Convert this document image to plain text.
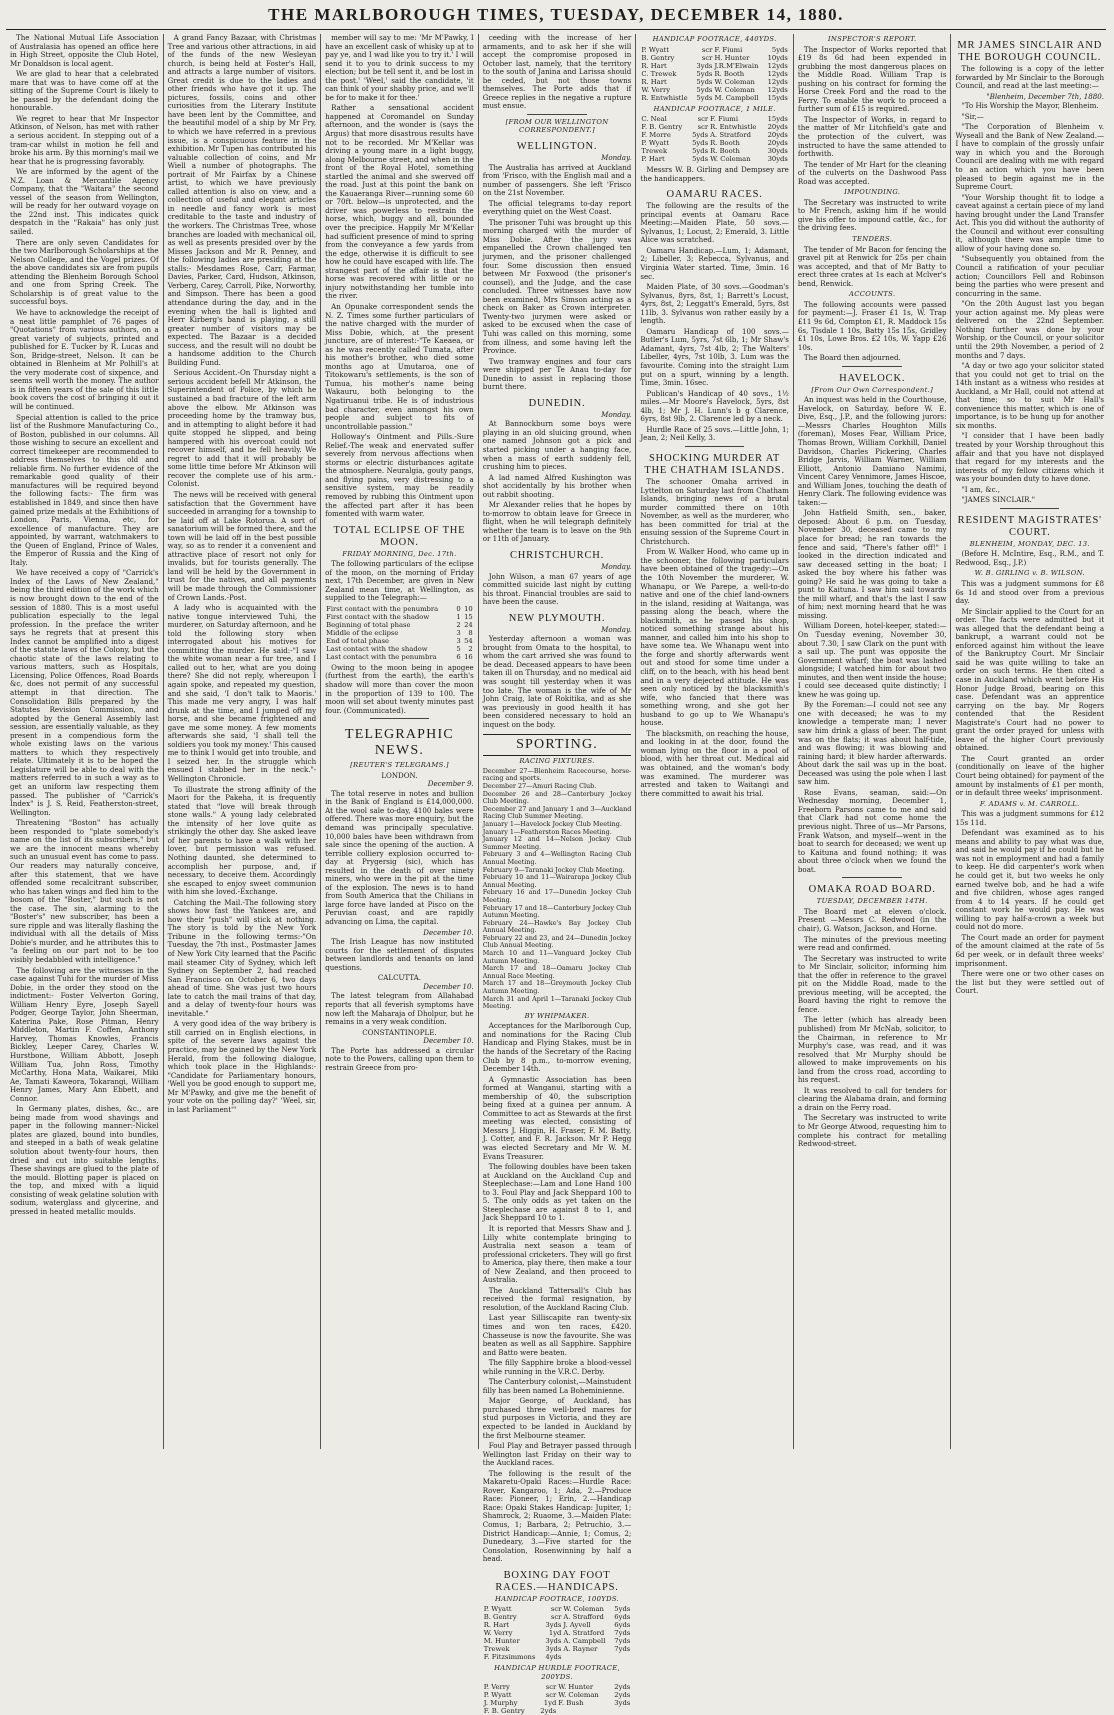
THE MARLBOROUGH TIMES, TUESDAY, DECEMBER 14, 1880.

The National Mutual Life Association of Australasia has opened an office here in High Street, opposite the Club Hotel, Mr Donaldson is local agent.

We are glad to hear that a celebrated mare that was to have come off at the sitting of the Supreme Court is likely to be passed by the defendant doing the honourable.

We regret to hear that Mr Inspector Atkinson, of Nelson, has met with rather a serious accident. In stepping out of a tram-car whilst in motion he fell and broke his arm. By this morning's mail we hear that he is progressing favorably.

We are informed by the agent of the N.Z. Loan & Mercantile Agency Company, that the "Waitara" the second vessel of the season from Wellington, will be ready for her outward voyage on the 22nd inst. This indicates quick despatch in the "Rakaia" has only just sailed.

There are only seven Candidates for the two Marlborough Scholarships at the Nelson College, and the Vogel prizes. Of the above candidates six are from pupils attending the Blenheim Borough School and one from Spring Creek. The Scholarship is of great value to the successful boys.

We have to acknowledge the receipt of a neat little pamphlet of 76 pages of "Quotations" from various authors, on a great variety of subjects, printed and published for E. Tucker by R. Lucas and Son, Bridge-street, Nelson. It can be obtained in Blenheim at Mr Polhill's at the very moderate cost of sixpence, and seems well worth the money. The author is in fifteen years of the sale of this little book covers the cost of bringing it out it will be continued.

Special attention is called to the price list of the Rushmore Manufacturing Co., of Boston, published in our columns. All those wishing to secure an excellent and correct timekeeper are recommended to address themselves to this old and reliable firm. No further evidence of the remarkable good quality of their manufactures will be required beyond the following facts:- The firm was established in 1849, and since then have gained prize medals at the Exhibitions of London, Paris, Vienna, etc, for excellence of manufacture. They are appointed, by warrant, watchmakers to the Queen of England, Prince of Wales, the Emperor of Russia and the King of Italy.

We have received a copy of "Carrick's Index of the Laws of New Zealand," being the third edition of the work which is now brought down to the end of the session of 1880. This is a most useful publication especially to the legal profession. In the preface the writer says he regrets that at present this Index cannot be amplified into a digest of the statute laws of the Colony, but the chaotic state of the laws relating to various matters, such as Hospitals, Licensing, Police Offences, Road Boards &c, does not permit of any successful attempt in that direction. The Consolidation Bills prepared by the Statutes Revision Commission, and adopted by the General Assembly last session, are essentially valuable, as they present in a compendious form the whole existing laws on the various matters to which they respectively relate. Ultimately it is to be hoped the Legislature will be able to deal with the matters referred to in such a way as to get an uniform law respecting them passed. The publisher of "Carrick's Index" is J. S. Reid, Featherston-street, Wellington.

Threatening "Boston" has actually been responded to "plate somebody's name on the list of its subscribers," but we are the innocent means whereby such an unusual event has come to pass. Our readers may naturally conceive, after this statement, that we have offended some recalcitrant subscriber, who has taken wings and fled him to the bosom of the "Boster," but such is not the case. The sin, alarming to the "Boster's" new subscriber, has been a sure ripple and was literally flashing the individual with all the details of Miss Dobie's murder, and he attributes this to "a feeling on our part not to be too visibly bedabbled with intelligence."

The following are the witnesses in the case against Tuhi for the murder of Miss Dobie, in the order they stood on the indictment:- Foster Velverton Goring, William Henry Eyre, Joseph Sayell Podger, George Taylor, John Sheerman, Katerina Pake, Rose Pitman, Henry Middleton, Martin F. Coffen, Anthony Harvey, Thomas Knowles, Francis Bickley, Leeper Carey, Charles W. Hurstbone, William Abbott, Joseph William Tua, John Ross, Timothy McCarthy, Hona Mata, Waikarei, Miki Ae, Tamati Kaweora, Tokarangi, William Henry James, Mary Ann Ebbett, and Connor.

In Germany plates, dishes, &c., are being made from wood shavings and paper in the following manner:-Nickel plates are glazed, bound into bundles, and steeped in a bath of weak gelatine solution about twenty-four hours, then dried and cut into suitable lengths. These shavings are glued to the plate of the mould. Blotting paper is placed on the top, and mixed with a liquid consisting of weak gelatine solution with sodium, waterglass and glycerine, and pressed in heated metallic moulds.

A grand Fancy Bazaar, with Christmas Tree and various other attractions, in aid of the funds of the new Wesleyan church, is being held at Foster's Hall, and attracts a large number of visitors. Great credit is due to the ladies and other friends who have got it up. The pictures, fossils, coins and other curiosities from the Literary Institute have been lent by the Committee, and the beautiful model of a ship by Mr Fry, to which we have referred in a previous issue, is a conspicuous feature in the exhibition. Mr Tupen has contributed his valuable collection of coins, and Mr Wiell a number of photographs. The portrait of Mr Fairfax by a Chinese artist, to which we have previously called attention is also on view, and a collection of useful and elegant articles in needle and fancy work is most creditable to the taste and industry of the workers. The Christmas Tree, whose branches are loaded with mechanical oil, as well as presents presided over by the Misses Jackson and Mr R. Penney, and the following ladies are presiding at the stalls:- Mesdames Rose, Carr, Farmar, Davies, Parker, Card, Hudson, Atkinson, Verberg, Carey, Carroll, Pike, Norworthy, and Simpson. There has been a good attendance during the day, and in the evening when the hall is lighted and Herr Kirberg's band is playing, a still greater number of visitors may be expected. The Bazaar is a decided success, and the result will no doubt be a handsome addition to the Church Building Fund.

Serious Accident.-On Thursday night a serious accident befell Mr Atkinson, the Superintendent of Police, by which he sustained a bad fracture of the left arm above the elbow. Mr Atkinson was proceeding home by the tramway bus, and in attempting to alight before it had quite stopped he slipped, and being hampered with his overcoat could not recover himself, and he fell heavily. We regret to add that it will probably be some little time before Mr Atkinson will recover the complete use of his arm.-Colonist.

The news will be received with general satisfaction that the Government have succeeded in arranging for a township to be laid off at Lake Rotorua. A sort of sanatorium will be formed there, and the town will be laid off in the best possible way, so as to render it a convenient and attractive place of resort not only for invalids, but for tourists generally. The land will be held by the Government in trust for the natives, and all payments will be made through the Commissioner of Crown Lands.-Post.

A lady who is acquainted with the native tongue interviewed Tuhi, the murderer, on Saturday afternoon, and he told the following story when interrogated about his motives for committing the murder. He said:-"I saw the white woman near a fur tree, and I called out to her, what are you doing there? She did not reply, whereupon I again spoke, and repeated my question, and she said, 'I don't talk to Maoris.' This made me very angry, I was half drunk at the time, and I jumped off my horse, and she became frightened and gave me some money. A few moments afterwards she said, 'I shall tell the soldiers you took my money.' This caused me to think I would get into trouble, and I seized her. In the struggle which ensued I stabbed her in the neck."-Wellington Chronicle.

To illustrate the strong affinity of the Maori for the Pakeha, it is frequently stated that "love will break through stone walls." A young lady celebrated the intensity of her love quite as strikingly the other day. She asked leave of her parents to have a walk with her lover, but permission was refused. Nothing daunted, she determined to accomplish her purpose, and, if necessary, to deceive them. Accordingly she escaped to enjoy sweet communion with him she loved.-Exchange.

Catching the Mail.-The following story shows how fast the Yankees are, and how their "push" will stick at nothing. The story is told by the New York Tribune in the following terms:-"On Tuesday, the 7th inst., Postmaster James of New York City learned that the Pacific mail steamer City of Sydney, which left Sydney on September 2, had reached San Francisco on October 6, two days ahead of time. She was just two hours late to catch the mail trains of that day, and a delay of twenty-four hours was inevitable."

A very good idea of the way bribery is still carried on in English elections, in spite of the severe laws against the practice, may be gained by the New York Herald, from the following dialogue, which took place in the Highlands:-"Candidate for Parliamentary honours, 'Well you be good enough to support me, Mr M'Pawky, and give me the benefit of your vote on the polling day?' 'Weel, sir, in last Parliament'"

member will say to me: 'Mr M'Pawky, I have an excellent cask of whisky up at to pay ye, and I wad like you to try it.' I will send it to you to drink success to my election; but be tell sent it, and be lost in the post.' 'Weel,' said the candidate, 'it can think of your shabby price, and we'll be for to make it for thee.'

Rather a sensational accident happened at Coromandel on Sunday afternoon, and the wonder is (says the Argus) that more disastrous results have not to be recorded. Mr M'Kellar was driving a young mare in a light buggy, along Melbourne street, and when in the front of the Royal Hotel, something startled the animal and she swerved off the road. Just at this point the bank on the Kauaeranga River—running some 60 or 70ft. below—is unprotected, and the driver was powerless to restrain the horse, which, buggy and all, bounded over the precipice. Happily Mr M'Kellar had sufficient presence of mind to spring from the conveyance a few yards from the edge, otherwise it is difficult to see how he could have escaped with life. The strangest part of the affair is that the horse was recovered with little or no injury notwithstanding her tumble into the river.

An Opunake correspondent sends the N. Z. Times some further particulars of the native charged with the murder of Miss Dobie, which, at the present juncture, are of interest:-"Te Kaeaea, or as he was recently called Tumata, after his mother's brother, who died some months ago at Umutaroa, one of Titokowaru's settlements, is the son of Tumua, his mother's name being Wakauru, both belonging to the Ngatiruanui tribe. He is of industrious bad character, even amongst his own people and subject to fits of uncontrollable passion."

Holloway's Ointment and Pills.-Sure Relief.-The weak and enervated suffer severely from nervous affections when storms or electric disturbances agitate the atmosphere. Neuralgia, gouty pangs, and flying pains, very distressing to a sensitive system, may be readily removed by rubbing this Ointment upon the affected part after it has been fomented with warm water.

TOTAL ECLIPSE OF THE MOON.
FRIDAY MORNING, Dec. 17th.

The following particulars of the eclipse of the moon, on the morning of Friday next, 17th December, are given in New Zealand mean time, at Wellington, as supplied to the Telegraph:—

First contact with the penumbra	0	10
First contact with the shadow	1	15
Beginning of total phase	2	24
Middle of the eclipse	3	8
End of total phase	3	54
Last contact with the shadow	5	2
Last contact with the penumbra	6	16

Owing to the moon being in apogee (furthest from the earth), the earth's shadow will more than cover the moon in the proportion of 139 to 100. The moon will set about twenty minutes past four. (Communicated).

TELEGRAPHIC NEWS.
[REUTER'S TELEGRAMS.]
LONDON.
December 9.

The total reserve in notes and bullion in the Bank of England is £14,000,000. At the wool sale to-day, 4100 bales were offered. There was more enquiry, but the demand was principally speculative. 10,000 bales have been withdrawn from sale since the opening of the auction. A terrible colliery explosion occurred to-day at Prygersig (sic), which has resulted in the death of over ninety miners, who were in the pit at the time of the explosion. The news is to hand from South America that the Chilians in large force have landed at Pisco on the Peruvian coast, and are rapidly advancing on Lima, the capital.

December 10.

The Irish League has now instituted courts for the settlement of disputes between landlords and tenants on land questions.

CALCUTTA.
December 10.

The latest telegram from Allahabad reports that all feverish symptoms have now left the Maharaja of Dholpur, but he remains in a very weak condition.

CONSTANTINOPLE.
December 10.

The Porte has addressed a circular note to the Powers, calling upon them to restrain Greece from pro-

ceeding with the increase of her armaments, and to ask her if she will accept the compromise proposed in October last, namely, that the territory to the south of Janina and Larissa should be ceded, but not those towns themselves. The Porte adds that if Greece replies in the negative a rupture must ensue.

[FROM OUR WELLINGTON CORRESPONDENT.]
WELLINGTON.
Monday.

The Australia has arrived at Auckland from 'Frisco, with the English mail and a number of passengers. She left 'Frisco on the 21st November.

The official telegrams to-day report everything quiet on the West Coast.

The prisoner Tuhi was brought up this morning charged with the murder of Miss Dobie. After the jury was empanelled the Crown challenged ten jurymen, and the prisoner challenged four. Some discussion then ensued between Mr Foxwood (the prisoner's counsel), and the Judge, and the case concluded. Three witnesses have now been examined, Mrs Simson acting as a check on Baker as Crown interpreter. Twenty-two jurymen were asked or asked to be excused when the case of Tuhi was called on this morning, some from illness, and some having left the Province.

Two tramway engines and four cars were shipped per Te Anau to-day for Dunedin to assist in replacing those burnt there.

DUNEDIN.
Monday.

At Bannockburn some boys were playing in an old sluicing ground, when one named Johnson got a pick and started picking under a hanging face, when a mass of earth suddenly fell, crushing him to pieces.

A lad named Alfred Kushington was shot accidentally by his brother when out rabbit shooting.

Mr Alexander relies that he hopes by to-morrow to obtain leave for Greece in flight, when he will telegraph definitely whether the team is to leave on the 9th or 11th of January.

CHRISTCHURCH.
Monday.

John Wilson, a man 67 years of age committed suicide last night by cutting his throat. Financial troubles are said to have been the cause.

NEW PLYMOUTH.
Monday.

Yesterday afternoon a woman was brought from Omata to the hospital, to whom the cart arrived she was found to be dead. Deceased appears to have been taken ill on Thursday, and no medical aid was sought till yesterday when it was too late. The woman is the wife of Mr John Craig, late of Rokitika, and as she was previously in good health it has been considered necessary to hold an inquest on the body.

SPORTING.
RACING FIXTURES.

December 27—Blenheim Racecourse, horse-racing and sports.

December 27—Amuri Racing Club.

December 26 and 28—Canterbury Jockey Club Meeting.

December 27 and January 1 and 3—Auckland Racing Club Summer Meeting.

January 1—Havelock Jockey Club Meeting.

January 1—Featherston Races Meeting.

January 12 and 14—Nelson Jockey Club Summer Meeting.

February 3 and 4—Wellington Racing Club Annual Meeting.

February 9—Taranaki Jockey Club Meeting.

February 10 and 11—Wairarapa Jockey Club Annual Meeting.

February 16 and 17—Dunedin Jockey Club Meeting.

February 17 and 18—Canterbury Jockey Club Autumn Meeting.

February 24—Hawke's Bay Jockey Club Annual Meeting.

February 22 and 23, and 24—Dunedin Jockey Club Annual Meeting.

March 10 and 11—Vanguard Jockey Club Autumn Meeting.

March 17 and 18—Oamaru Jockey Club Annual Race Meeting.

March 17 and 18—Greymouth Jockey Club Autumn Meeting.

March 31 and April 1—Taranaki Jockey Club Meeting.

BY WHIPMAKER.

Acceptances for the Marlborough Cup, and nominations for the Racing Club Handicap and Flying Stakes, must be in the hands of the Secretary of the Racing Club by 8 p.m., to-morrow evening, December 14th.

A Gymnastic Association has been formed at Wanganui, starting with a membership of 40, the subscription being fixed at a guinea per annum. A Committee to act as Stewards at the first meeting was elected, consisting of Messrs J. Higgin, H. Fraser, F. M. Batty, J. Cotter, and F. R. Jackson. Mr P. Hegg was elected Secretary and Mr W. M. Evans Treasurer.

The following doubles have been taken at Auckland on the Auckland Cup and Steeplechase:—Lam and Lone Hand 100 to 3. Foul Play and Jack Sheppard 100 to 5. The only odds as yet taken on the Steeplechase are against 8 to 1, and Jack Sheppard 10 to 1.

It is reported that Messrs Shaw and J. Lilly white contemplate bringing to Australia next season a team of professional cricketers. They will go first to America, play there, then make a tour of New Zealand, and then proceed to Australia.

The Auckland Tattersall's Club has received the formal resignation, by resolution, of the Auckland Racing Club.

Last year Silliscapite ran twenty-six times and won ten races, £420. Chasseuse is now the favourite. She was beaten as well as all Sapphire. Sapphire and Batto were beaten.

The filly Sapphire broke a blood-vessel while running in the V.R.C. Derby.

The Canterbury colonist,—Mainstudent filly has been named La Boheminienne.

Major George, of Auckland, has purchased three well-bred mares for stud purposes in Victoria, and they are expected to be landed in Auckland by the first Melbourne steamer.

Foul Play and Betrayer passed through Wellington last Friday on their way to the Auckland races.

The following is the result of the Makaretu-Opaki Races:—Hurdle Race: Rover, Kangaroo, 1; Ada, 2.—Produce Race: Pioneer, 1; Erin, 2.—Handicap Race: Opaki Stakes Handicap: Jupiter, 1; Shamrock, 2; Ruaome, 3.—Maiden Plate: Comus, 1; Barbara, 2; Petruchio, 3.—District Handicap:—Annie, 1; Comus, 2; Dunedeary, 3.—Five started for the Consolation, Rosenwinning by half a head.

BOXING DAY FOOT RACES.—HANDICAPS.
HANDICAP FOOTRACE, 100YDS.
P. Wyatt	scr	W. Coleman	5yds
B. Gentry	scr	A. Strafford	6yds
R. Hart	3yds	J. Ayvell	6yds
W. Verry	1yd	A. Stratford	7yds
M. Hunter	3yds	A. Campbell	7yds
Trewek	3yds	A. Rayner	7yds
F. Fitzsimmons	4yds		
HANDICAP HURDLE FOOTRACE, 200YDS.
P. Verry	scr	W. Hunter	2yds
P. Wyatt	scr	W. Coleman	2yds
J. Murphy	1yd	F. Bush	3yds
F. B. Gentry	2yds		
HANDICAP FOOTRACE, 440YDS.
P. Wyatt	scr	F. Fiumi	5yds
B. Gentry	scr	H. Hunter	10yds
R. Hart	3yds	J.R.M'Elwain	12yds
C. Trewek	5yds	R. Booth	12yds
R. Hart	5yds	W. Coleman	12yds
W. Verry	5yds	W. Coleman	12yds
R. Entwhistle	5yds	M. Campbell	15yds
HANDICAP FOOTRACE, 1 MILE.
C. Neal	scr	F. Fiumi	15yds
F. B. Gentry	scr	R. Entwhistle	20yds
F. Morre	5yds	A. Stratford	20yds
P. Wyatt	5yds	R. Booth	20yds
Trewek	5yds	R. Booth	30yds
P. Hart	5yds	W. Coleman	30yds

Messrs W. B. Girling and Dempsey are the handicappers.

OAMARU RACES.

The following are the results of the principal events at Oamaru Race Meeting:—Maiden Plate, 50 sovs.—Sylvanus, 1; Locust, 2; Emerald, 3. Little Alice was scratched.

Oamaru Handicap.—Lum, 1; Adamant, 2; Libeller, 3; Rebecca, Sylvanus, and Virginia Water started. Time, 3min. 16 sec.

Maiden Plate, of 30 sovs.—Goodman's Sylvanus, 8yrs, 8st, 1; Barrett's Locust, 4yrs, 8st, 2; Leggatt's Emerald, 5yrs, 8st 11lb, 3. Sylvanus won rather easily by a length.

Oamaru Handicap of 100 sovs.—Butler's Lum, 5yrs, 7st 6lb, 1; Mr Shaw's Adamant, 4yrs, 7st 4lb, 2; The Walters' Libeller, 4yrs, 7st 10lb, 3. Lum was the favourite. Coming into the straight Lum put on a spurt, winning by a length. Time, 3min. 16sec.

Publican's Handicap of 40 sovs., 1½ miles.—Mr Moore's Havelock, 5yrs, 8st 4lb, 1; Mr J. H. Lunn's b g Clarence, 6yrs, 8st 9lb, 2. Clarence led by a neck.

Hurdle Race of 25 sovs.—Little John, 1; Jean, 2; Neil Kelly, 3.

SHOCKING MURDER AT THE CHATHAM ISLANDS.

The schooner Omaha arrived in Lyttelton on Saturday last from Chatham Islands, bringing news of a brutal murder committed there on 10th November, as well as the murderer, who has been committed for trial at the ensuing session of the Supreme Court in Christchurch.

From W. Walker Hood, who came up in the schooner, the following particulars have been obtained of the tragedy:—On the 10th November the murderer, W. Whanapu, or We Parepe, a well-to-do native and one of the chief land-owners in the island, residing at Waitanga, was passing along the beach, where the blacksmith, as he passed his shop, noticed something strange about his manner, and called him into his shop to have some tea. We Whanapu went into the forge and shortly afterwards went out and stood for some time under a cliff, on to the beach, with his head bent and in a very dejected attitude. He was seen only noticed by the blacksmith's wife, who fancied that there was something wrong, and she got her husband to go up to We Whanapu's house.

The blacksmith, on reaching the house, and looking in at the door, found the woman lying on the floor in a pool of blood, with her throat cut. Medical aid was obtained, and the woman's body was examined. The murderer was arrested and taken to Waitangi and there committed to await his trial.

INSPECTOR'S REPORT.

The Inspector of Works reported that £19 8s 6d had been expended in grubbing the most dangerous places on the Middle Road. William Trap is pushing on his contract for forming the Horse Creek Ford and the road to the Ferry. To enable the work to proceed a further sum of £15 is required.

The Inspector of Works, in regard to the matter of Mr Litchfield's gate and the protection of the culvert, was instructed to have the same attended to forthwith.

The tender of Mr Hart for the cleaning of the culverts on the Dashwood Pass Road was accepted.

IMPOUNDING.

The Secretary was instructed to write to Mr French, asking him if he would give his offer to impound cattle, &c., for the driving fees.

TENDERS.

The tender of Mr Bacon for fencing the gravel pit at Renwick for 25s per chain was accepted, and that of Mr Batty to erect three crates at 1s each at Mclver's bend, Renwick.

ACCOUNTS.

The following accounts were passed for payment:—J. Fraser £1 1s, W. Trap £11 9s 6d, Compton £1, R. Maddock 15s 6s, Tisdale 1 10s, Batty 15s 15s, Gridley £1 10s, Lowe Bros. £2 10s, W. Yapp £26 10s.

The Board then adjourned.

HAVELOCK.
[From Our Own Correspondent.]

An inquest was held in the Courthouse, Havelock, on Saturday, before W. E. Dive, Esq., J.P., and the following jurors:—Messrs Charles Houghton Mills (foreman), Moses Fear, William Price, Thomas Brown, William Corkhill, Daniel Davidson, Charles Pickering, Charles Bridge Jarvis, William Warner, William Elliott, Antonio Damiano Namimi, Vincent Carey Vennimore, James Hiscoe, and William Jones, touching the death of Henry Clark. The following evidence was taken:—

John Hatfield Smith, sen., baker, deposed: About 6 p.m. on Tuesday, November 30, deceased came to my place for bread; he ran towards the fence and said, "There's father off!" I looked in the direction indicated and saw deceased setting in the boat; I asked the boy where his father was going? He said he was going to take a punt to Kaituna. I saw him sail towards the mill wharf, and that's the last I saw of him; next morning heard that he was missing.

William Doreen, hotel-keeper, stated:—On Tuesday evening, November 30, about 7.30, I saw Clark on the punt with a sail up. The punt was opposite the Government wharf; the boat was lashed alongside; I watched him for about two minutes, and then went inside the house; I could see deceased quite distinctly; I knew he was going up.

By the Foreman:—I could not see any one with deceased; he was to my knowledge a temperate man; I never saw him drink a glass of beer. The punt was on the flats; it was about half-tide, and was flowing; it was blowing and raining hard; it blew harder afterwards. About dark the sail was up in the boat. Deceased was using the pole when I last saw him.

Rose Evans, seaman, said:—On Wednesday morning, December 1, Freeborn Parsons came to me and said that Clark had not come home the previous night. Three of us—Mr Parsons, Frank Watson, and myself—went in the boat to search for deceased; we went up to Kaituna and found nothing; it was about three o'clock when we found the boat.

OMAKA ROAD BOARD.
TUESDAY, DECEMBER 14TH.

The Board met at eleven o'clock. Present —Messrs C. Redwood (in the chair), G. Watson, Jackson, and Horne.

The minutes of the previous meeting were read and confirmed.

The Secretary was instructed to write to Mr Sinclair, solicitor, informing him that the offer in reference to the gravel pit on the Middle Road, made to the previous meeting, will be accepted, the Board having the right to remove the fence.

The letter (which has already been published) from Mr McNab, solicitor, to the Chairman, in reference to Mr Murphy's case, was read, and it was resolved that Mr Murphy should be allowed to make improvements on his land from the cross road, according to his request.

It was resolved to call for tenders for clearing the Alabama drain, and forming a drain on the Ferry road.

The Secretary was instructed to write to Mr George Atwood, requesting him to complete his contract for metalling Redwood-street.

MR JAMES SINCLAIR AND THE BOROUGH COUNCIL.

The following is a copy of the letter forwarded by Mr Sinclair to the Borough Council, and read at the last meeting:—

"Blenheim, December 7th, 1880.

"To His Worship the Mayor, Blenheim.

"Sir,—

"The Corporation of Blenheim v. Wyseall and the Bank of New Zealand.—I have to complain of the grossly unfair way in which you and the Borough Council are dealing with me with regard to an action which you have been pleased to begin against me in the Supreme Court.

"Your Worship thought fit to lodge a caveat against a certain piece of my land having brought under the Land Transfer Act. This you did without the authority of the Council and without ever consulting it, although there was ample time to allow of your having done so.

"Subsequently you obtained from the Council a ratification of your peculiar action; Councillors Fell and Robinson being the parties who were present and concurring in the same.

"On the 20th August last you began your action against me. My pleas were delivered on the 22nd September. Nothing further was done by your Worship, or the Council, or your solicitor until the 29th November, a period of 2 months and 7 days.

"A day or two ago your solicitor stated that you could not get to trial on the 14th instant as a witness who resides at Auckland, a Mr Hall, could not attend at that time; so to suit Mr Hall's convenience this matter, which is one of importance, is to be hung up for another six months.

"I consider that I have been badly treated by your Worship throughout this affair and that you have not displayed that regard for my interests and the interests of my fellow citizens which it was your bounden duty to have done.

"I am, &c.,

"JAMES SINCLAIR."

RESIDENT MAGISTRATES' COURT.
BLENHEIM, MONDAY, DEC. 13.

(Before H. McIntire, Esq., R.M., and T. Redwood, Esq., J.P.)

W. B. GIRLING v. B. WILSON.

This was a judgment summons for £8 6s 1d and stood over from a previous day.

Mr Sinclair applied to the Court for an order. The facts were admitted but it was alleged that the defendant being a bankrupt, a warrant could not be enforced against him without the leave of the Bankruptcy Court. Mr Sinclair said he was quite willing to take an order on such terms. He then cited a case in Auckland which went before His Honor Judge Broad, bearing on this case. Defendant was an apprentice carrying on the bay. Mr Rogers contended that the Resident Magistrate's Court had no power to grant the order prayed for unless with leave of the higher Court previously obtained.

The Court granted an order (conditionally on leave of the higher Court being obtained) for payment of the amount by instalments of £1 per month, or in default three weeks' imprisonment.

F. ADAMS v. M. CARROLL.

This was a judgment summons for £12 15s 11d.

Defendant was examined as to his means and ability to pay what was due, and said he would pay if he could but he was not in employment and had a family to keep. He did carpenter's work when he could get it, but two weeks he only earned twelve bob, and he had a wife and five children, whose ages ranged from 4 to 14 years. If he could get constant work he would pay. He was willing to pay half-a-crown a week but could not do more.

The Court made an order for payment of the amount claimed at the rate of 5s 6d per week, or in default three weeks' imprisonment.

There were one or two other cases on the list but they were settled out of Court.
